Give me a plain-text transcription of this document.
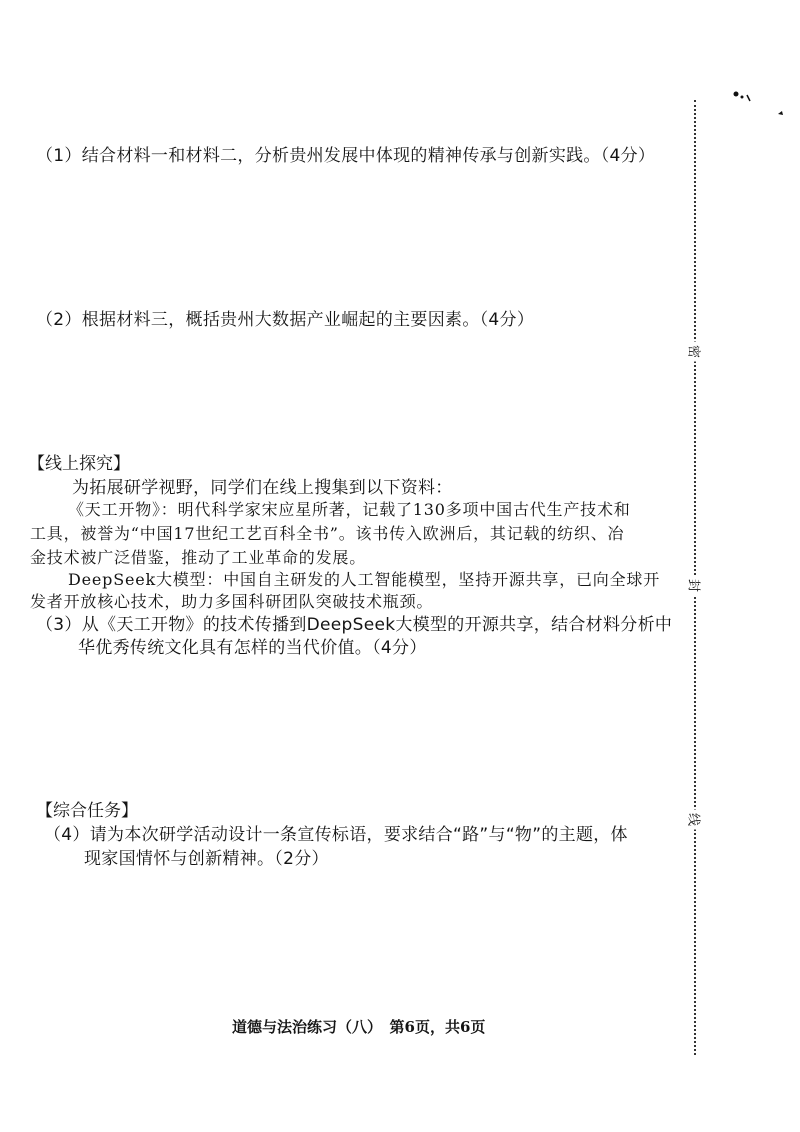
（1）结合材料一和材料二，分析贵州发展中体现的精神传承与创新实践。（4分）
（2）根据材料三，概括贵州大数据产业崛起的主要因素。（4分）
【线上探究】
为拓展研学视野，同学们在线上搜集到以下资料：
《天工开物》：明代科学家宋应星所著，记载了130多项中国古代生产技术和
工具，被誉为“中国17世纪工艺百科全书”。该书传入欧洲后，其记载的纺织、冶
金技术被广泛借鉴，推动了工业革命的发展。
DeepSeek大模型：中国自主研发的人工智能模型，坚持开源共享，已向全球开
发者开放核心技术，助力多国科研团队突破技术瓶颈。
（3）从《天工开物》的技术传播到DeepSeek大模型的开源共享，结合材料分析中
华优秀传统文化具有怎样的当代价值。（4分）
【综合任务】
（4）请为本次研学活动设计一条宣传标语，要求结合“路”与“物”的主题，体
现家国情怀与创新精神。（2分）
道德与法治练习（八）　第6页，共6页
密
封
线
